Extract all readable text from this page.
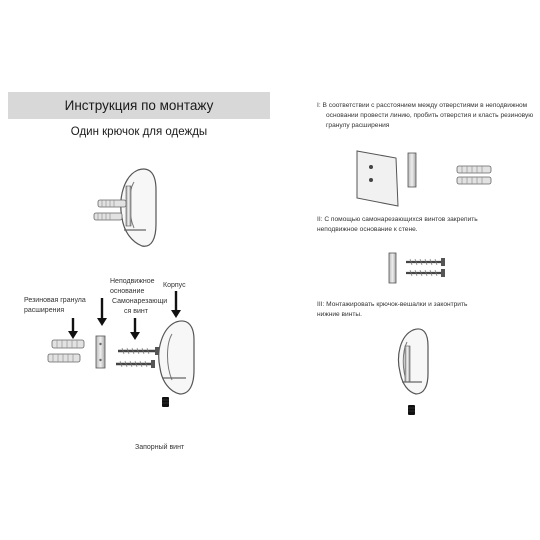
Инструкция по монтажу
Один крючок для одежды
Неподвижное
основание
Корпус
Резиновая гранула
расширения
Самонарезающи
ся винт
Запорный винт
I: В соответствии с расстоянием между отверстиями в неподвижном
основании провести линию, пробить отверстия и класть резиновую
гранулу расширения
II: С помощью самонарезающихся винтов закрепить
неподвижное основание к стене.
III: Монтажировать крючок-вешалки и законтрить
нижние винты.
